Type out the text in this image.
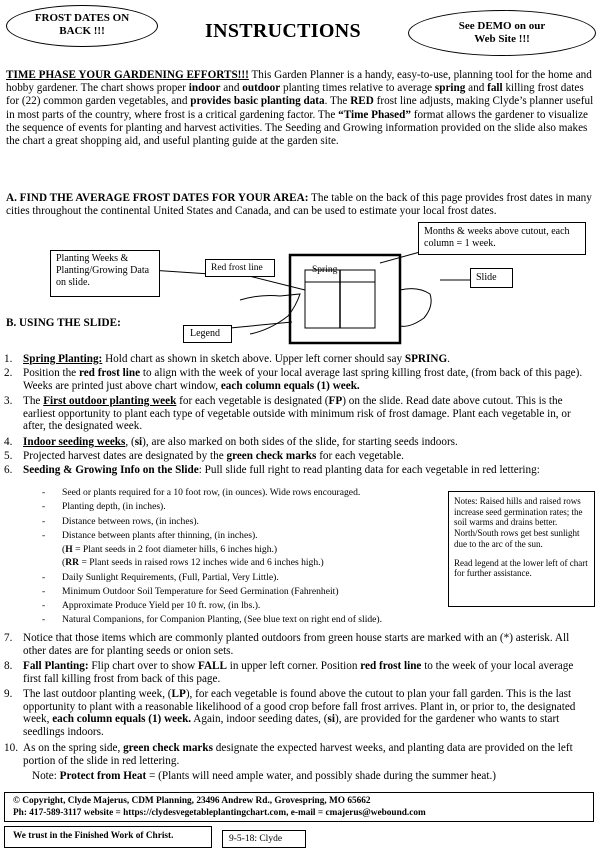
FROST DATES ON
BACK !!!	INSTRUCTIONS	See DEMO on our
Web Site !!!
TIME PHASE YOUR GARDENING EFFORTS!!! This Garden Planner is a handy, easy-to-use, planning tool for the home and hobby gardener. The chart shows proper indoor and outdoor planting times relative to average spring and fall killing frost dates for (22) common garden vegetables, and provides basic planting data. The RED frost line adjusts, making Clyde’s planner useful in most parts of the country, where frost is a critical gardening factor. The “Time Phased” format allows the gardener to visualize the sequence of events for planting and harvest activities. The Seeding and Growing information provided on the slide also makes the chart a great shopping aid, and useful planting guide at the garden site.
A. FIND THE AVERAGE FROST DATES FOR YOUR AREA: The table on the back of this page provides frost dates in many cities throughout the continental United States and Canada, and can be used to estimate your local frost dates.
Months & weeks above cutout, each column = 1 week.
Planting Weeks & Planting/Growing Data on slide.
Red frost line	Spring
Slide
Legend
B. USING THE SLIDE:
1. Spring Planting: Hold chart as shown in sketch above. Upper left corner should say SPRING.
2. Position the red frost line to align with the week of your local average last spring killing frost date, (from back of this page). Weeks are printed just above chart window, each column equals (1) week.
3. The First outdoor planting week for each vegetable is designated (FP) on the slide. Read date above cutout. This is the earliest opportunity to plant each type of vegetable outside with minimum risk of frost damage. Plant each vegetable in, or after, the designated week.
4. Indoor seeding weeks, (si), are also marked on both sides of the slide, for starting seeds indoors.
5. Projected harvest dates are designated by the green check marks for each vegetable.
6. Seeding & Growing Info on the Slide: Pull slide full right to read planting data for each vegetable in red lettering:
- Seed or plants required for a 10 foot row, (in ounces). Wide rows encouraged.
- Planting depth, (in inches).
- Distance between rows, (in inches).
- Distance between plants after thinning, (in inches).
(H = Plant seeds in 2 foot diameter hills, 6 inches high.)
(RR = Plant seeds in raised rows 12 inches wide and 6 inches high.)
- Daily Sunlight Requirements, (Full, Partial, Very Little).
- Minimum Outdoor Soil Temperature for Seed Germination (Fahrenheit)
- Approximate Produce Yield per 10 ft. row, (in lbs.).
- Natural Companions, for Companion Planting, (See blue text on right end of slide).
Notes: Raised hills and raised rows increase seed germination rates; the soil warms and drains better. North/South rows get best sunlight due to the arc of the sun.
Read legend at the lower left of chart for further assistance.
7. Notice that those items which are commonly planted outdoors from green house starts are marked with an (*) asterisk. All other dates are for planting seeds or onion sets.
8. Fall Planting: Flip chart over to show FALL in upper left corner. Position red frost line to the week of your local average first fall killing frost from back of this page.
9. The last outdoor planting week, (LP), for each vegetable is found above the cutout to plan your fall garden. This is the last opportunity to plant with a reasonable likelihood of a good crop before fall frost arrives. Plant in, or prior to, the designated week, each column equals (1) week. Again, indoor seeding dates, (si), are provided for the gardener who wants to start seedlings indoors.
10. As on the spring side, green check marks designate the expected harvest weeks, and planting data are provided on the left portion of the slide in red lettering.
Note: Protect from Heat = (Plants will need ample water, and possibly shade during the summer heat.)
© Copyright, Clyde Majerus, CDM Planning, 23496 Andrew Rd., Grovespring, MO 65662
Ph: 417-589-3117 website = https://clydesvegetableplantingchart.com, e-mail = cmajerus@webound.com
We trust in the Finished Work of Christ.	9-5-18: Clyde
